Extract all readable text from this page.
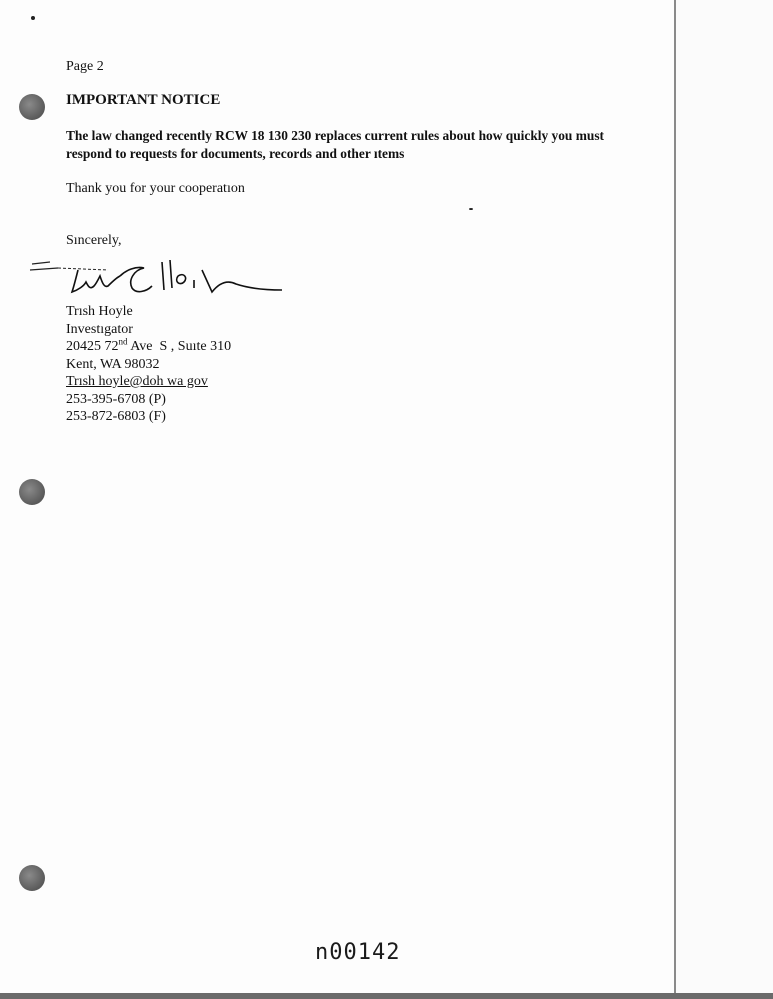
Page 2
IMPORTANT NOTICE
The law changed recently RCW 18 130 230 replaces current rules about how quickly you must
respond to requests for documents, records and other ıtems
Thank you for your cooperatıon
Sıncerely,
Trısh Hoyle
Investıgator
20425 72nd Ave  S , Suıte 310
Kent, WA 98032
Trısh hoyle@doh wa gov
253-395-6708 (P)
253-872-6803 (F)
n00142
